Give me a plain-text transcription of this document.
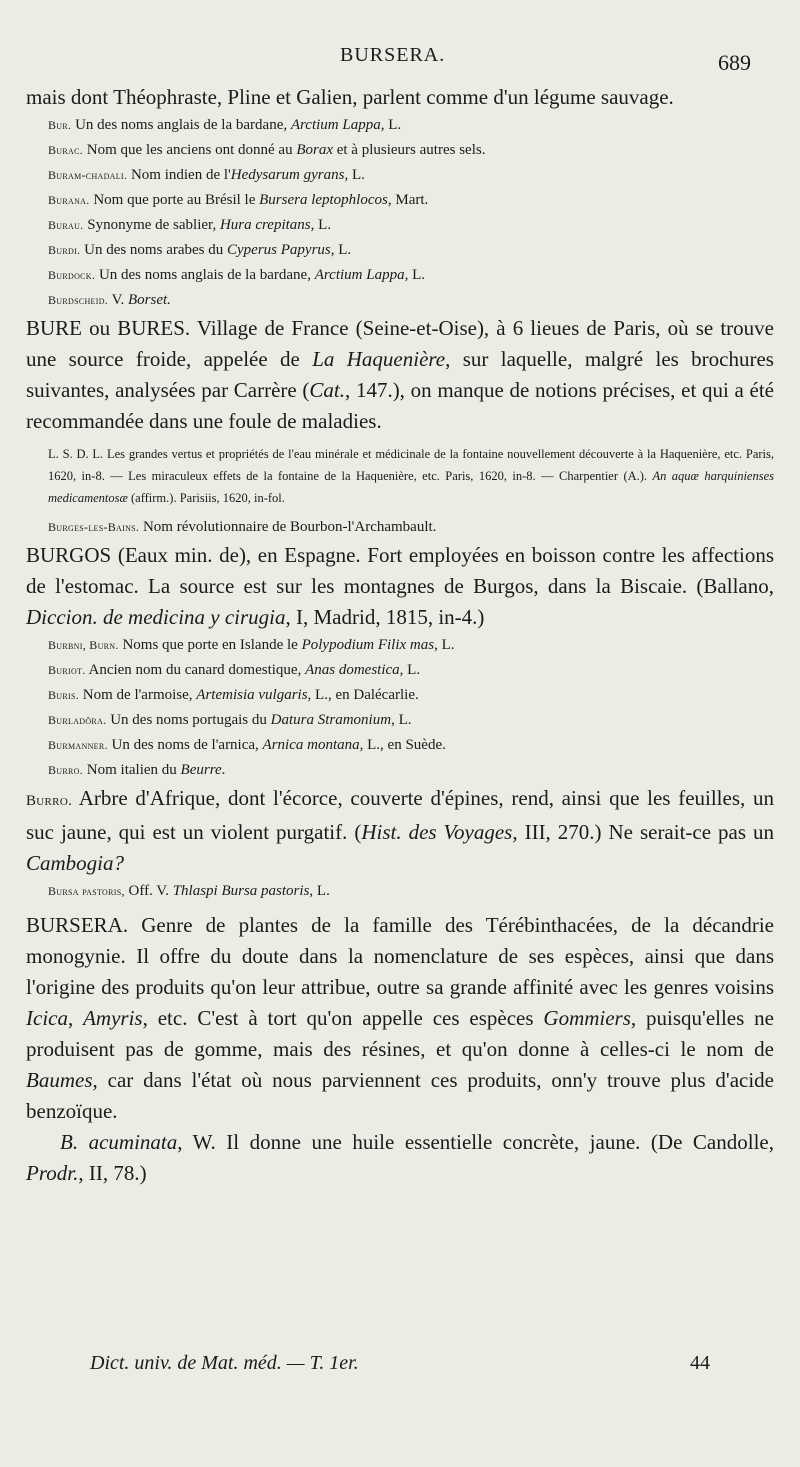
BURSERA.	689

mais dont Théophraste, Pline et Galien, parlent comme d'un légume sauvage.

Bur. Un des noms anglais de la bardane, Arctium Lappa, L.

Burac. Nom que les anciens ont donné au Borax et à plusieurs autres sels.

Buram-chadali. Nom indien de l'Hedysarum gyrans, L.

Burana. Nom que porte au Brésil le Bursera leptophlocos, Mart.

Burau. Synonyme de sablier, Hura crepitans, L.

Burdi. Un des noms arabes du Cyperus Papyrus, L.

Burdock. Un des noms anglais de la bardane, Arctium Lappa, L.

Burdscheid. V. Borset.

BURE ou BURES. Village de France (Seine-et-Oise), à 6 lieues de Paris, où se trouve une source froide, appelée de La Haquenière, sur laquelle, malgré les brochures suivantes, analysées par Carrère (Cat., 147.), on manque de notions précises, et qui a été recommandée dans une foule de maladies.

L. S. D. L. Les grandes vertus et propriétés de l'eau minérale et médicinale de la fontaine nouvellement découverte à la Haquenière, etc. Paris, 1620, in-8. — Les miraculeux effets de la fontaine de la Haquenière, etc. Paris, 1620, in-8. — Charpentier (A.). An aquæ harquinienses medicamentosæ (affirm.). Parisiis, 1620, in-fol.

Burges-les-Bains. Nom révolutionnaire de Bourbon-l'Archambault.

BURGOS (Eaux min. de), en Espagne. Fort employées en boisson contre les affections de l'estomac. La source est sur les montagnes de Burgos, dans la Biscaie. (Ballano, Diccion. de medicina y cirugia, I, Madrid, 1815, in-4.)

Burbni, Burn. Noms que porte en Islande le Polypodium Filix mas, L.

Buriot. Ancien nom du canard domestique, Anas domestica, L.

Buris. Nom de l'armoise, Artemisia vulgaris, L., en Dalécarlie.

Burladōra. Un des noms portugais du Datura Stramonium, L.

Burmanner. Un des noms de l'arnica, Arnica montana, L., en Suède.

Burro. Nom italien du Beurre.

Burro. Arbre d'Afrique, dont l'écorce, couverte d'épines, rend, ainsi que les feuilles, un suc jaune, qui est un violent purgatif. (Hist. des Voyages, III, 270.) Ne serait-ce pas un Cambogia?

Bursa pastoris, Off. V. Thlaspi Bursa pastoris, L.

BURSERA. Genre de plantes de la famille des Térébinthacées, de la décandrie monogynie. Il offre du doute dans la nomenclature de ses espèces, ainsi que dans l'origine des produits qu'on leur attribue, outre sa grande affinité avec les genres voisins Icica, Amyris, etc. C'est à tort qu'on appelle ces espèces Gommiers, puisqu'elles ne produisent pas de gomme, mais des résines, et qu'on donne à celles-ci le nom de Baumes, car dans l'état où nous parviennent ces produits, onn'y trouve plus d'acide benzoïque.

B. acuminata, W. Il donne une huile essentielle concrète, jaune. (De Candolle, Prodr., II, 78.)

Dict. univ. de Mat. méd. — T. 1er.	44
